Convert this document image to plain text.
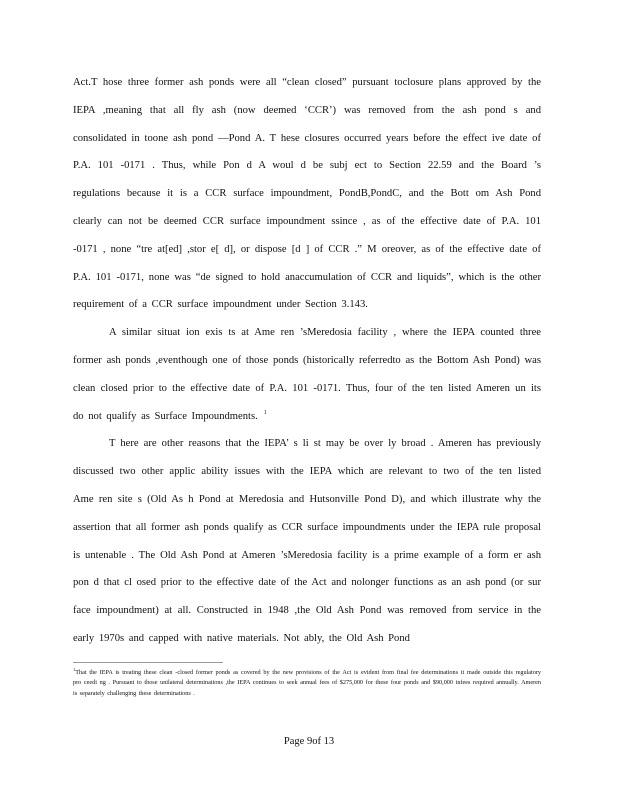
Act.T hose three former ash ponds were all “clean closed” pursuant toclosure plans approved by the IEPA ,meaning that all fly ash (now deemed ‘CCR’) was removed from the ash pond s and consolidated in toone ash pond —Pond A. T hese closures occurred years before the effect ive date of P.A. 101 -0171 . Thus, while Pon d A woul d be subj ect to Section 22.59 and the Board ’s regulations because it is a CCR surface impoundment, PondB,PondC, and the Bott om Ash Pond clearly can not be deemed CCR surface impoundment ssince , as of the effective date of P.A. 101 -0171 , none “tre at[ed] ,stor e[ d], or dispose [d ] of CCR .” M oreover, as of the effective date of P.A. 101 -0171, none was “de signed to hold anaccumulation of CCR and liquids”, which is the other requirement of a CCR surface impoundment under Section 3.143.

A similar situat ion exis ts at Ame ren ’sMeredosia facility , where the IEPA counted three former ash ponds ,eventhough one of those ponds (historically referredto as the Bottom Ash Pond) was clean closed prior to the effective date of P.A. 101 -0171. Thus, four of the ten listed Ameren un its do not qualify as Surface Impoundments. $^1$

T here are other reasons that the IEPA’ s li st may be over ly broad . Ameren has previously discussed two other applic ability issues with the IEPA which are relevant to two of the ten listed Ame ren site s (Old As h Pond at Meredosia and Hutsonville Pond D), and which illustrate why the assertion that all former ash ponds qualify as CCR surface impoundments under the IEPA rule proposal is untenable . The Old Ash Pond at Ameren ’sMeredosia facility is a prime example of a form er ash pon d that cl osed prior to the effective date of the Act and nolonger functions as an ash pond (or sur face impoundment) at all. Constructed in 1948 ,the Old Ash Pond was removed from service in the early 1970s and capped with native materials. Not ably, the Old Ash Pond

$^1$That the IEPA is treating these clean -closed former ponds as covered by the new provisions of the Act is evident from final fee determinations it made outside this regulatory pro ceedi ng . Pursuant to those unilateral determinations ,the IEPA continues to seek annual fees of $275,000 for these four ponds and $90,000 infees required annually. Ameren is separately challenging these determinations .
Page 9of 13
